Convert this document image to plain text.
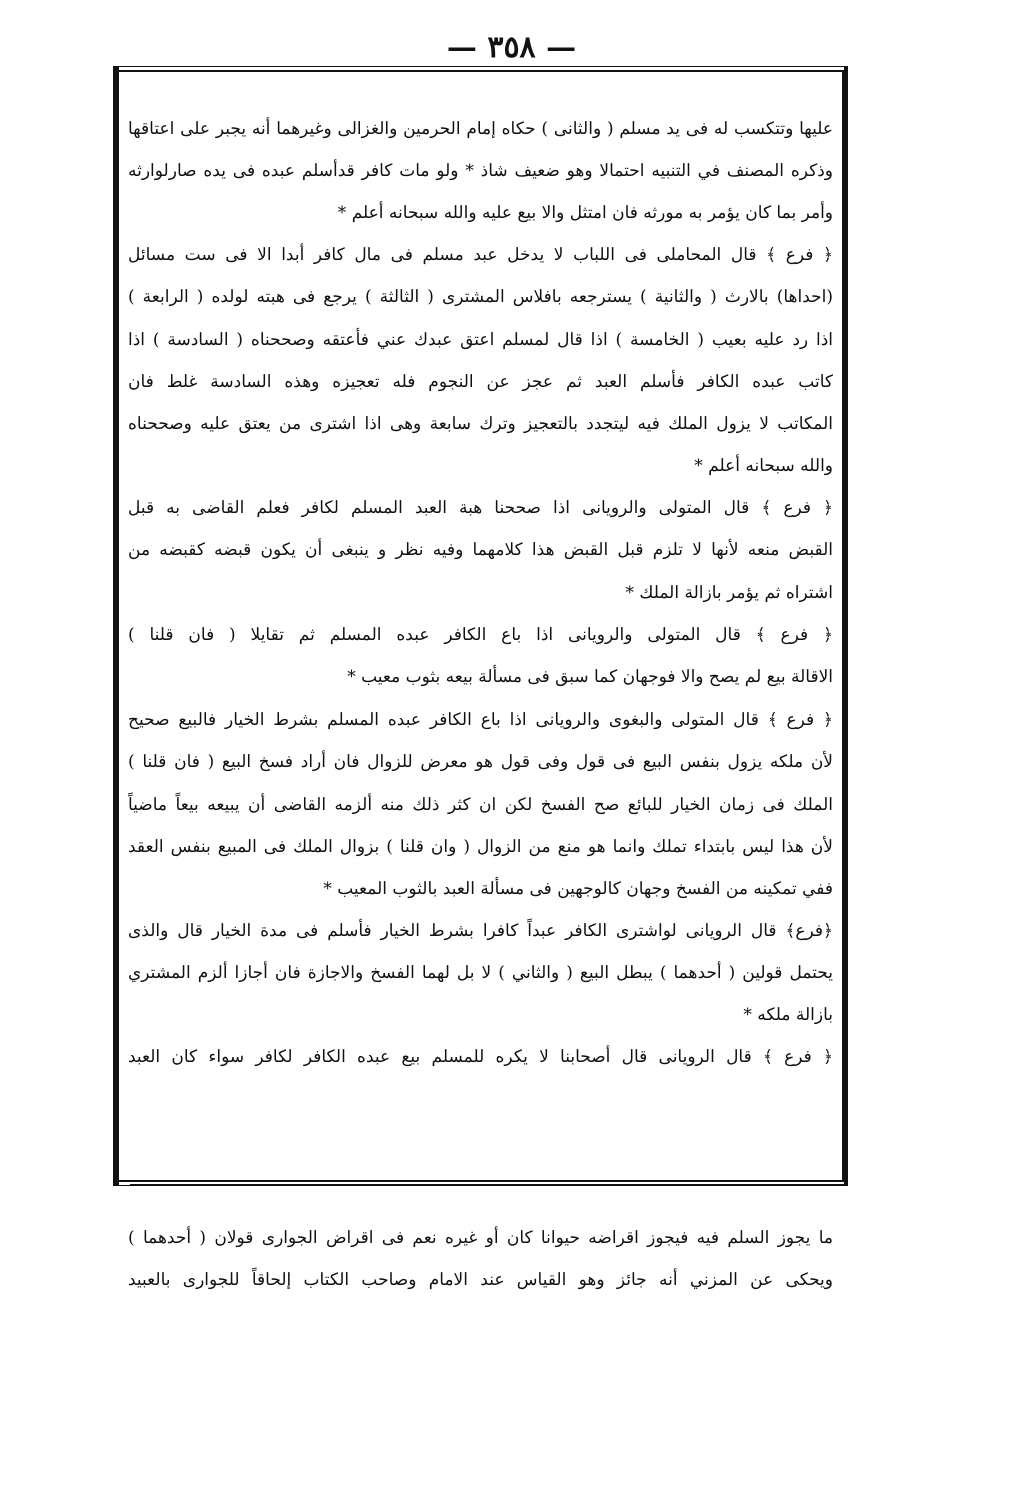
— ٣٥٨ —
عليها وتتكسب له فى يد مسلم ( والثانى ) حكاه إمام الحرمين والغزالى وغيرهما أنه يجبر على اعتاقها
وذكره المصنف في التنبيه احتمالا وهو ضعيف شاذ * ولو مات كافر قدأسلم عبده فى يده صارلوارثه
وأمر بما كان يؤمر به مورثه فان امتثل والا بيع عليه والله سبحانه أعلم *
﴿ فرع ﴾ قال المحاملى فى اللباب لا يدخل عبد مسلم فى مال كافر أبدا الا فى ست مسائل
(احداها) بالارث ( والثانية ) يسترجعه بافلاس المشترى ( الثالثة ) يرجع فى هبته لولده ( الرابعة )
اذا رد عليه بعيب ( الخامسة ) اذا قال لمسلم اعتق عبدك عني فأعتقه وصححناه ( السادسة ) اذا
كاتب عبده الكافر فأسلم العبد ثم عجز عن النجوم فله تعجيزه وهذه السادسة غلط فان
المكاتب لا يزول الملك فيه ليتجدد بالتعجيز وترك سابعة وهى اذا اشترى من يعتق عليه وصححناه
والله سبحانه أعلم *
﴿ فرع ﴾ قال المتولى والرويانى اذا صححنا هبة العبد المسلم لكافر فعلم القاضى به قبل
القبض منعه لأنها لا تلزم قبل القبض هذا كلامهما وفيه نظر و ينبغى أن يكون قبضه كقبضه من
اشتراه ثم يؤمر بازالة الملك *
﴿ فرع ﴾ قال المتولى والرويانى اذا باع الكافر عبده المسلم ثم تقايلا ( فان قلنا )
الاقالة بيع لم يصح والا فوجهان كما سبق فى مسألة بيعه بثوب معيب *
﴿ فرع ﴾ قال المتولى والبغوى والرويانى اذا باع الكافر عبده المسلم بشرط الخيار فالبيع صحيح
لأن ملكه يزول بنفس البيع فى قول وفى قول هو معرض للزوال فان أراد فسخ البيع ( فان قلنا )
الملك فى زمان الخيار للبائع صح الفسخ لكن ان كثر ذلك منه ألزمه القاضى أن يبيعه بيعاً ماضياً
لأن هذا ليس بابتداء تملك وانما هو منع من الزوال ( وان قلنا ) بزوال الملك فى المبيع بنفس العقد
ففي تمكينه من الفسخ وجهان كالوجهين فى مسألة العبد بالثوب المعيب *
﴿فرع﴾ قال الرويانى لواشترى الكافر عبداً كافرا بشرط الخيار فأسلم فى مدة الخيار قال والذى
يحتمل قولين ( أحدهما ) يبطل البيع ( والثاني ) لا بل لهما الفسخ والاجازة فان أجازا ألزم المشتري
بازالة ملكه *
﴿ فرع ﴾ قال الرويانى قال أصحابنا لا يكره للمسلم بيع عبده الكافر لكافر سواء كان العبد
ما يجوز السلم فيه فيجوز اقراضه حيوانا كان أو غيره نعم فى اقراض الجوارى قولان ( أحدهما )
ويحكى عن المزني أنه جائز وهو القياس عند الامام وصاحب الكتاب إلحاقاً للجوارى بالعبيد
